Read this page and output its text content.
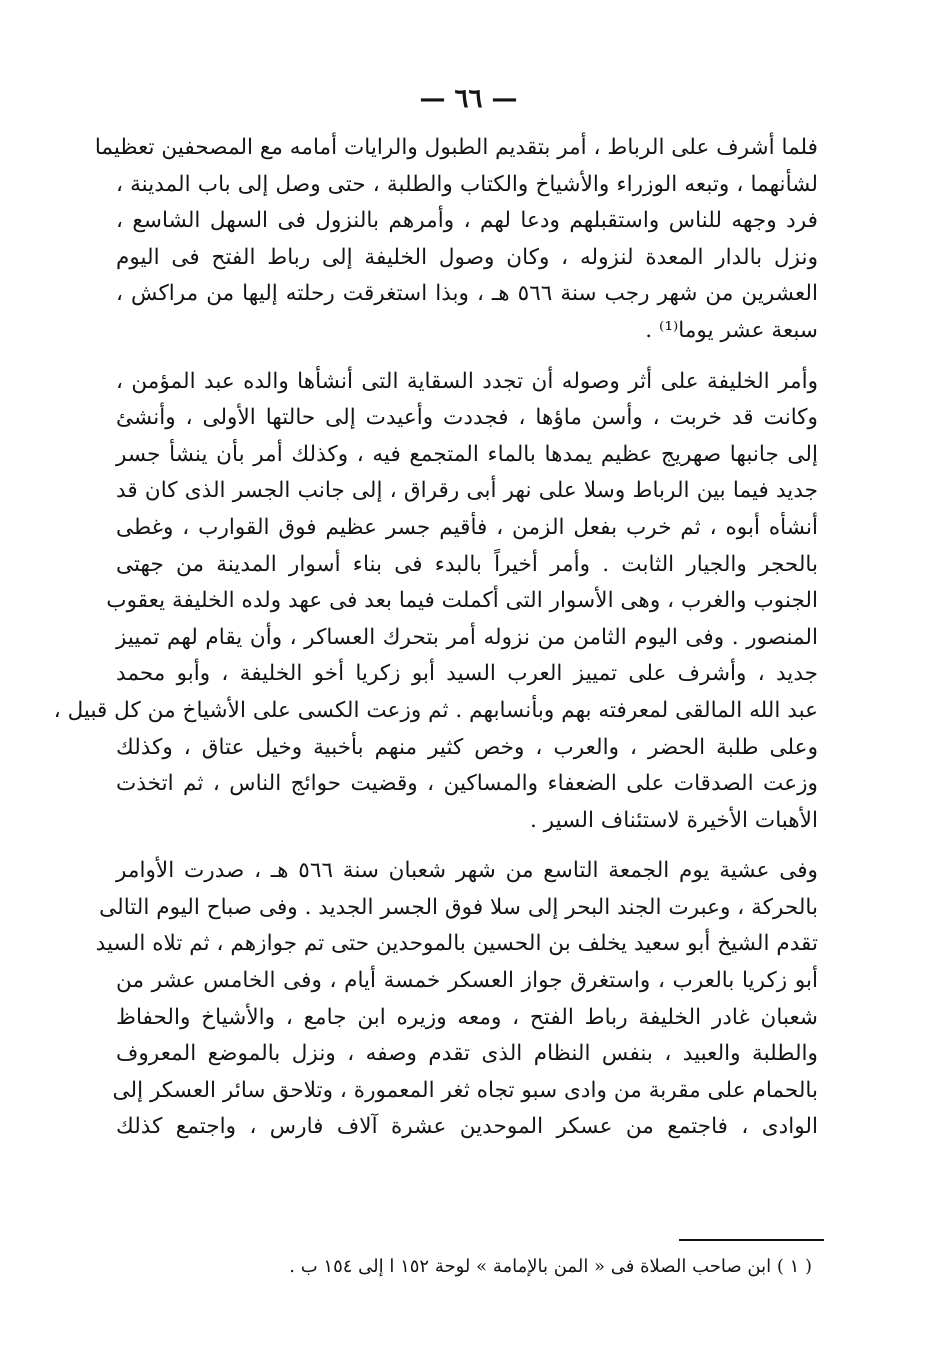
— ٦٦ —
فلما أشرف على الرباط ، أمر بتقديم الطبول والرايات أمامه مع المصحفين تعظيما
لشأنهما ، وتبعه الوزراء والأشياخ والكتاب والطلبة ، حتى وصل إلى باب المدينة ،
فرد وجهه للناس واستقبلهم ودعا لهم ، وأمرهم بالنزول فى السهل الشاسع ،
ونزل بالدار المعدة لنزوله ، وكان وصول الخليفة إلى رباط الفتح فى اليوم
العشرين من شهر رجب سنة ٥٦٦ هـ ، وبذا استغرقت رحلته إليها من مراكش ،
سبعة عشر يوما⁽¹⁾ .
وأمر الخليفة على أثر وصوله أن تجدد السقاية التى أنشأها والده عبد المؤمن ،
وكانت قد خربت ، وأسن ماؤها ، فجددت وأعيدت إلى حالتها الأولى ، وأنشئ
إلى جانبها صهريج عظيم يمدها بالماء المتجمع فيه ، وكذلك أمر بأن ينشأ جسر
جديد فيما بين الرباط وسلا على نهر أبى رقراق ، إلى جانب الجسر الذى كان قد
أنشأه أبوه ، ثم خرب بفعل الزمن ، فأقيم جسر عظيم فوق القوارب ، وغطى
بالحجر والجيار الثابت . وأمر أخيراً بالبدء فى بناء أسوار المدينة من جهتى
الجنوب والغرب ، وهى الأسوار التى أكملت فيما بعد فى عهد ولده الخليفة يعقوب
المنصور . وفى اليوم الثامن من نزوله أمر بتحرك العساكر ، وأن يقام لهم تمييز
جديد ، وأشرف على تمييز العرب السيد أبو زكريا أخو الخليفة ، وأبو محمد
عبد الله المالقى لمعرفته بهم وبأنسابهم . ثم وزعت الكسى على الأشياخ من كل قبيل ،
وعلى طلبة الحضر ، والعرب ، وخص كثير منهم بأخبية وخيل عتاق ، وكذلك
وزعت الصدقات على الضعفاء والمساكين ، وقضيت حوائج الناس ، ثم اتخذت
الأهبات الأخيرة لاستئناف السير .
وفى عشية يوم الجمعة التاسع من شهر شعبان سنة ٥٦٦ هـ ، صدرت الأوامر
بالحركة ، وعبرت الجند البحر إلى سلا فوق الجسر الجديد . وفى صباح اليوم التالى
تقدم الشيخ أبو سعيد يخلف بن الحسين بالموحدين حتى تم جوازهم ، ثم تلاه السيد
أبو زكريا بالعرب ، واستغرق جواز العسكر خمسة أيام ، وفى الخامس عشر من
شعبان غادر الخليفة رباط الفتح ، ومعه وزيره ابن جامع ، والأشياخ والحفاظ
والطلبة والعبيد ، بنفس النظام الذى تقدم وصفه ، ونزل بالموضع المعروف
بالحمام على مقربة من وادى سبو تجاه ثغر المعمورة ، وتلاحق سائر العسكر إلى
الوادى ، فاجتمع من عسكر الموحدين عشرة آلاف فارس ، واجتمع كذلك
( ١ ) ابن صاحب الصلاة فى « المن بالإمامة » لوحة ١٥٢ ا إلى ١٥٤ ب .
